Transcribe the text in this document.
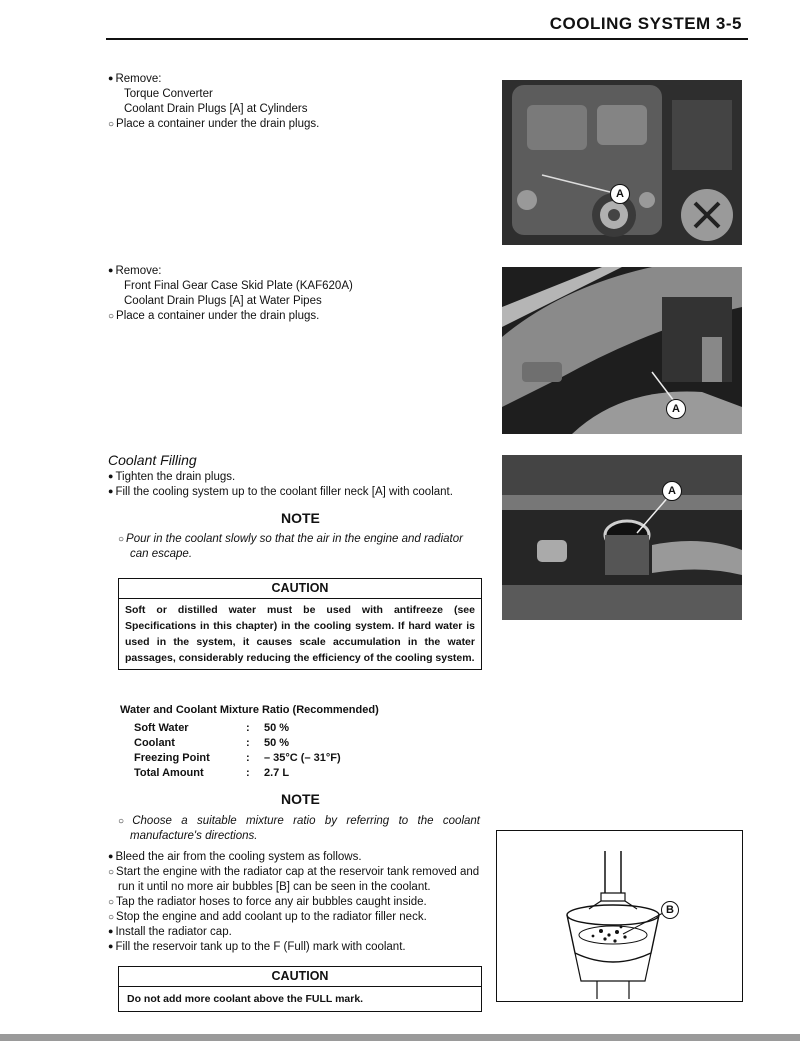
COOLING SYSTEM 3-5
● Remove:
Torque Converter
Coolant Drain Plugs [A] at Cylinders
○ Place a container under the drain plugs.
A
● Remove:
Front Final Gear Case Skid Plate (KAF620A)
Coolant Drain Plugs [A] at Water Pipes
○ Place a container under the drain plugs.
A
Coolant Filling
● Tighten the drain plugs.
● Fill the cooling system up to the coolant filler neck [A] with coolant.	A
NOTE
○ Pour in the coolant slowly so that the air in the engine and radiator
can escape.
CAUTION
Soft or distilled water must be used with antifreeze (see Specifications in this chapter) in the cooling system. If hard water is used in the system, it causes scale accumulation in the water passages, considerably reducing the efficiency of the cooling system.
Water and Coolant Mixture Ratio (Recommended)
Soft Water	:	50 %
Coolant	:	50 %
Freezing Point	:	– 35°C (– 31°F)
Total Amount	:	2.7 L
NOTE
○ Choose a suitable mixture ratio by referring to the coolant
manufacture's directions.
● Bleed the air from the cooling system as follows.
○ Start the engine with the radiator cap at the reservoir tank removed and
run it until no more air bubbles [B] can be seen in the coolant.
○ Tap the radiator hoses to force any air bubbles caught inside.
○ Stop the engine and add coolant up to the radiator filler neck.
● Install the radiator cap.
● Fill the reservoir tank up to the F (Full) mark with coolant.
CAUTION
Do not add more coolant above the FULL mark.
B
